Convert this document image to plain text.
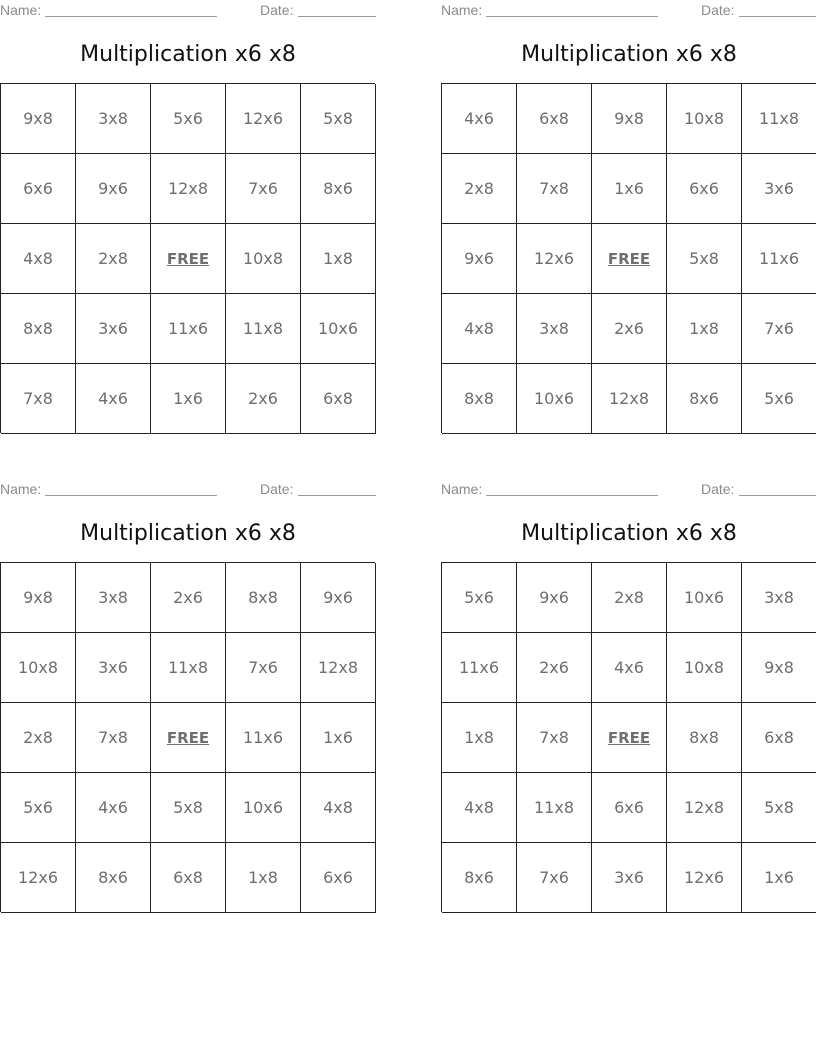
Name:	Date:
Multiplication x6 x8
9x8	3x8	5x6	12x6	5x8
6x6	9x6	12x8	7x6	8x6
4x8	2x8	FREE	10x8	1x8
8x8	3x6	11x6	11x8	10x6
7x8	4x6	1x6	2x6	6x8
Name:	Date:
Multiplication x6 x8
4x6	6x8	9x8	10x8	11x8
2x8	7x8	1x6	6x6	3x6
9x6	12x6	FREE	5x8	11x6
4x8	3x8	2x6	1x8	7x6
8x8	10x6	12x8	8x6	5x6
Name:	Date:
Multiplication x6 x8
9x8	3x8	2x6	8x8	9x6
10x8	3x6	11x8	7x6	12x8
2x8	7x8	FREE	11x6	1x6
5x6	4x6	5x8	10x6	4x8
12x6	8x6	6x8	1x8	6x6
Name:	Date:
Multiplication x6 x8
5x6	9x6	2x8	10x6	3x8
11x6	2x6	4x6	10x8	9x8
1x8	7x8	FREE	8x8	6x8
4x8	11x8	6x6	12x8	5x8
8x6	7x6	3x6	12x6	1x6
